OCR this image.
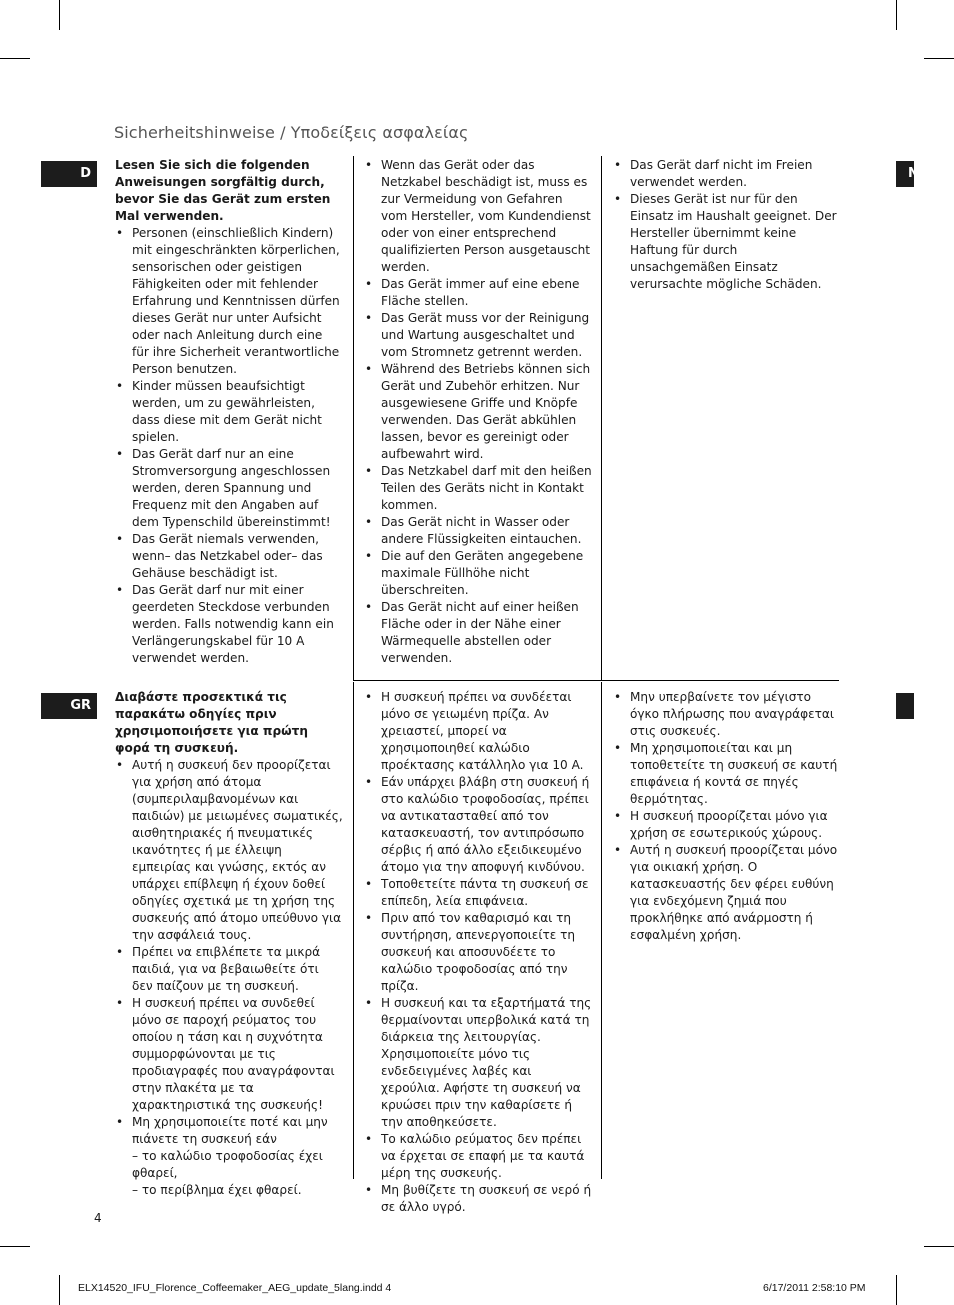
Sicherheitshinweise / Υποδείξεις ασφαλείας
D
GR
N

Lesen Sie sich die folgenden Anweisungen sorgfältig durch, bevor Sie das Gerät zum ersten Mal verwenden.

• Personen (einschließlich Kindern) mit eingeschränkten körperlichen, sensorischen oder geistigen Fähigkeiten oder mit fehlender Erfahrung und Kenntnissen dürfen dieses Gerät nur unter Aufsicht oder nach Anleitung durch eine für ihre Sicherheit verantwortliche Person benutzen.
• Kinder müssen beaufsichtigt werden, um zu gewährleisten, dass diese mit dem Gerät nicht spielen.
• Das Gerät darf nur an eine Stromversorgung angeschlossen werden, deren Spannung und Frequenz mit den Angaben auf dem Typenschild übereinstimmt!
• Das Gerät niemals verwenden, wenn– das Netzkabel oder– das Gehäuse beschädigt ist.
• Das Gerät darf nur mit einer geerdeten Steckdose verbunden werden. Falls notwendig kann ein Verlängerungskabel für 10 A verwendet werden.
• Wenn das Gerät oder das Netzkabel beschädigt ist, muss es zur Vermeidung von Gefahren vom Hersteller, vom Kundendienst oder von einer entsprechend qualifizierten Person ausgetauscht werden.
• Das Gerät immer auf eine ebene Fläche stellen.
• Das Gerät muss vor der Reinigung und Wartung ausgeschaltet und vom Stromnetz getrennt werden.
• Während des Betriebs können sich Gerät und Zubehör erhitzen. Nur ausgewiesene Griffe und Knöpfe verwenden. Das Gerät abkühlen lassen, bevor es gereinigt oder aufbewahrt wird.
• Das Netzkabel darf mit den heißen Teilen des Geräts nicht in Kontakt kommen.
• Das Gerät nicht in Wasser oder andere Flüssigkeiten eintauchen.
• Die auf den Geräten angegebene maximale Füllhöhe nicht überschreiten.
• Das Gerät nicht auf einer heißen Fläche oder in der Nähe einer Wärmequelle abstellen oder verwenden.
• Das Gerät darf nicht im Freien verwendet werden.
• Dieses Gerät ist nur für den Einsatz im Haushalt geeignet. Der Hersteller übernimmt keine Haftung für durch unsachgemäßen Einsatz verursachte mögliche Schäden.

Διαβάστε προσεκτικά τις παρακάτω οδηγίες πριν χρησιμοποιήσετε για πρώτη φορά τη συσκευή.

• Αυτή η συσκευή δεν προορίζεται για χρήση από άτομα (συμπεριλαμβανομένων και παιδιών) με μειωμένες σωματικές, αισθητηριακές ή πνευματικές ικανότητες ή με έλλειψη εμπειρίας και γνώσης, εκτός αν υπάρχει επίβλεψη ή έχουν δοθεί οδηγίες σχετικά με τη χρήση της συσκευής από άτομο υπεύθυνο για την ασφάλειά τους.
• Πρέπει να επιβλέπετε τα μικρά παιδιά, για να βεβαιωθείτε ότι δεν παίζουν με τη συσκευή.
• Η συσκευή πρέπει να συνδεθεί μόνο σε παροχή ρεύματος του οποίου η τάση και η συχνότητα συμμορφώνονται με τις προδιαγραφές που αναγράφονται στην πλακέτα με τα χαρακτηριστικά της συσκευής!
• Μη χρησιμοποιείτε ποτέ και μην πιάνετε τη συσκευή εάν

– το καλώδιο τροφοδοσίας έχει φθαρεί,

– το περίβλημα έχει φθαρεί.

• Η συσκευή πρέπει να συνδέεται μόνο σε γειωμένη πρίζα. Αν χρειαστεί, μπορεί να χρησιμοποιηθεί καλώδιο προέκτασης κατάλληλο για 10 A.
• Εάν υπάρχει βλάβη στη συσκευή ή στο καλώδιο τροφοδοσίας, πρέπει να αντικατασταθεί από τον κατασκευαστή, τον αντιπρόσωπο σέρβις ή από άλλο εξειδικευμένο άτομο για την αποφυγή κινδύνου.
• Τοποθετείτε πάντα τη συσκευή σε επίπεδη, λεία επιφάνεια.
• Πριν από τον καθαρισμό και τη συντήρηση, απενεργοποιείτε τη συσκευή και αποσυνδέετε το καλώδιο τροφοδοσίας από την πρίζα.
• Η συσκευή και τα εξαρτήματά της θερμαίνονται υπερβολικά κατά τη διάρκεια της λειτουργίας. Χρησιμοποιείτε μόνο τις ενδεδειγμένες λαβές και χερούλια. Αφήστε τη συσκευή να κρυώσει πριν την καθαρίσετε ή την αποθηκεύσετε.
• Το καλώδιο ρεύματος δεν πρέπει να έρχεται σε επαφή με τα καυτά μέρη της συσκευής.
• Μη βυθίζετε τη συσκευή σε νερό ή σε άλλο υγρό.
• Μην υπερβαίνετε τον μέγιστο όγκο πλήρωσης που αναγράφεται στις συσκευές.
• Μη χρησιμοποιείται και μη τοποθετείτε τη συσκευή σε καυτή επιφάνεια ή κοντά σε πηγές θερμότητας.
• Η συσκευή προορίζεται μόνο για χρήση σε εσωτερικούς χώρους.
• Αυτή η συσκευή προορίζεται μόνο για οικιακή χρήση. Ο κατασκευαστής δεν φέρει ευθύνη για ενδεχόμενη ζημιά που προκλήθηκε από ανάρμοστη ή εσφαλμένη χρήση.
4
ELX14520_IFU_Florence_Coffeemaker_AEG_update_5lang.indd 4	6/17/2011 2:58:10 PM
